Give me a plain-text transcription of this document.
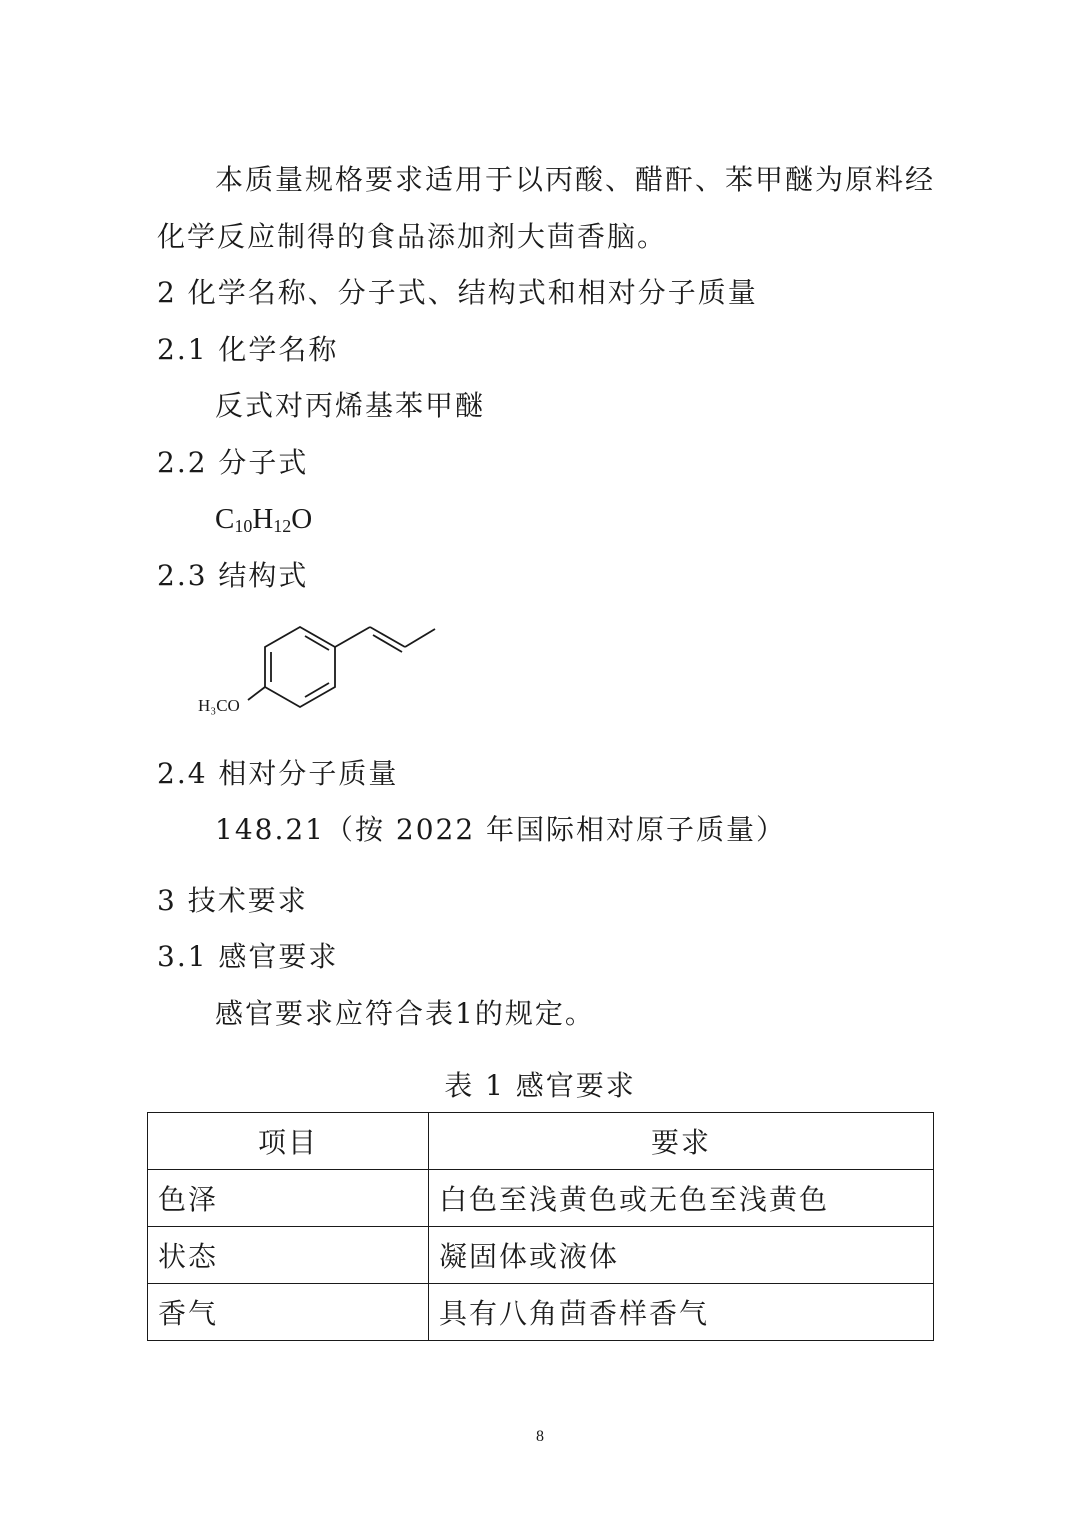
本质量规格要求适用于以丙酸、醋酐、苯甲醚为原料经
化学反应制得的食品添加剂大茴香脑。
2 化学名称、分子式、结构式和相对分子质量
2.1 化学名称
反式对丙烯基苯甲醚
2.2 分子式
$C_{10}H_{12}O$
2.3 结构式
H₃CO
2.4 相对分子质量
148.21（按 2022 年国际相对原子质量）
3 技术要求
3.1 感官要求
感官要求应符合表1的规定。
表 1 感官要求
项目	要求
色泽	白色至浅黄色或无色至浅黄色
状态	凝固体或液体
香气	具有八角茴香样香气
8
